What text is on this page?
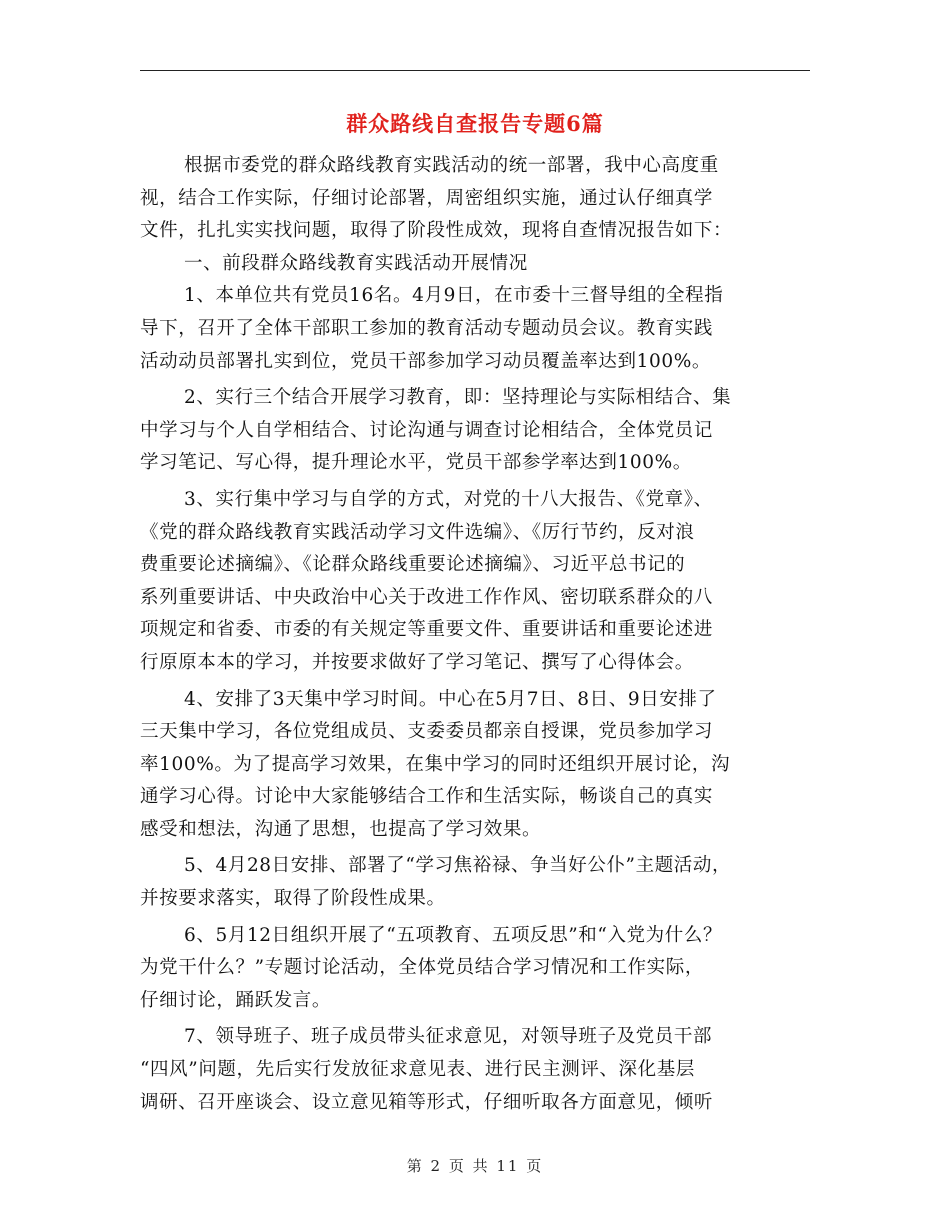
群众路线自查报告专题6篇

根据市委党的群众路线教育实践活动的统一部署，我中心高度重
视，结合工作实际，仔细讨论部署，周密组织实施，通过认仔细真学
文件，扎扎实实找问题，取得了阶段性成效，现将自查情况报告如下：

一、前段群众路线教育实践活动开展情况

1、本单位共有党员16名。4月9日，在市委十三督导组的全程指
导下，召开了全体干部职工参加的教育活动专题动员会议。教育实践
活动动员部署扎实到位，党员干部参加学习动员覆盖率达到100%。

2、实行三个结合开展学习教育，即：坚持理论与实际相结合、集
中学习与个人自学相结合、讨论沟通与调查讨论相结合，全体党员记
学习笔记、写心得，提升理论水平，党员干部参学率达到100%。

3、实行集中学习与自学的方式，对党的十八大报告、《党章》、
《党的群众路线教育实践活动学习文件选编》、《厉行节约，反对浪
费重要论述摘编》、《论群众路线重要论述摘编》、习近平总书记的
系列重要讲话、中央政治中心关于改进工作作风、密切联系群众的八
项规定和省委、市委的有关规定等重要文件、重要讲话和重要论述进
行原原本本的学习，并按要求做好了学习笔记、撰写了心得体会。

4、安排了3天集中学习时间。中心在5月7日、8日、9日安排了
三天集中学习，各位党组成员、支委委员都亲自授课，党员参加学习
率100%。为了提高学习效果，在集中学习的同时还组织开展讨论，沟
通学习心得。讨论中大家能够结合工作和生活实际，畅谈自己的真实
感受和想法，沟通了思想，也提高了学习效果。

5、4月28日安排、部署了“学习焦裕禄、争当好公仆”主题活动，
并按要求落实，取得了阶段性成果。

6、5月12日组织开展了“五项教育、五项反思”和“入党为什么？
为党干什么？”专题讨论活动，全体党员结合学习情况和工作实际，
仔细讨论，踊跃发言。

7、领导班子、班子成员带头征求意见，对领导班子及党员干部
“四风”问题，先后实行发放征求意见表、进行民主测评、深化基层
调研、召开座谈会、设立意见箱等形式，仔细听取各方面意见，倾听

第 2 页 共 11 页
